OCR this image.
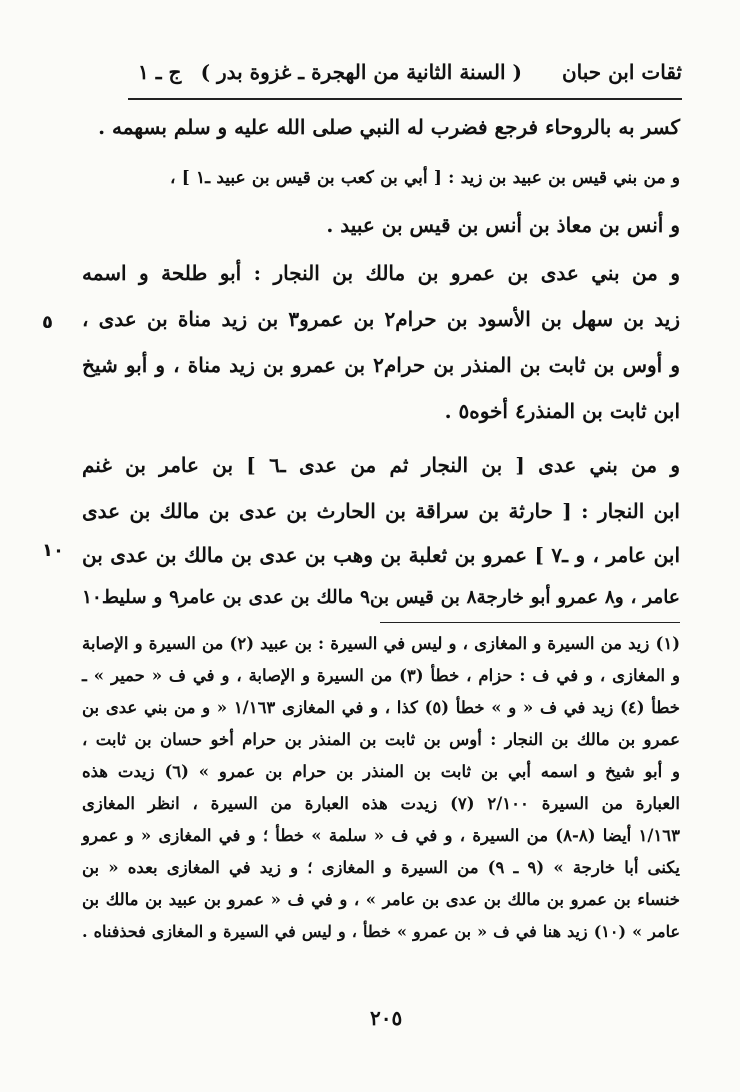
ثقات ابن حبان
( السنة الثانية من الهجرة ـ غزوة بدر )
ج ـ ١
كسر به بالروحاء فرجع فضرب له النبي صلى الله عليه و سلم بسهمه .
و من بني قيس بن عبيد بن زيد : [ أبي بن كعب بن قيس بن عبيد ـ١ ] ،
و أنس بن معاذ بن أنس بن قيس بن عبيد .
و من بني عدى بن عمرو بن مالك بن النجار : أبو طلحة و اسمه
زيد بن سهل بن الأسود بن حرام٢ بن عمرو٣ بن زيد مناة بن عدى ،
و أوس بن ثابت بن المنذر بن حرام٢ بن عمرو بن زيد مناة ، و أبو شيخ
ابن ثابت بن المنذر٤ أخوه٥ .
و من بني عدى [ بن النجار ثم من عدى ـ٦ ] بن عامر بن غنم
ابن النجار : [ حارثة بن سراقة بن الحارث بن عدى بن مالك بن عدى
ابن عامر ، و ـ٧ ] عمرو بن ثعلبة بن وهب بن عدى بن مالك بن عدى بن
عامر ، و٨ عمرو أبو خارجة٨ بن قيس بن٩ مالك بن عدى بن عامر٩ و سليط١٠
٥
١٠
(١) زيد من السيرة و المغازى ، و ليس في السيرة : بن عبيد (٢) من السيرة و الإصابة
و المغازى ، و في ف : حزام ، خطأ (٣) من السيرة و الإصابة ، و في ف « حمير » ـ
خطأ (٤) زيد في ف « و » خطأ (٥) كذا ، و في المغازى ١/١٦٣ « و من بني عدى بن
عمرو بن مالك بن النجار : أوس بن ثابت بن المنذر بن حرام أخو حسان بن ثابت ،
و أبو شيخ و اسمه أبي بن ثابت بن المنذر بن حرام بن عمرو » (٦) زيدت هذه
العبارة من السيرة ٢/١٠٠ (٧) زيدت هذه العبارة من السيرة ، انظر المغازى
١/١٦٣ أيضا (٨-٨) من السيرة ، و في ف « سلمة » خطأ ؛ و في المغازى « و عمرو
يكنى أبا خارجة » (٩ ـ ٩) من السيرة و المغازى ؛ و زيد في المغازى بعده « بن
خنساء بن عمرو بن مالك بن عدى بن عامر » ، و في ف « عمرو بن عبيد بن مالك بن
عامر » (١٠) زيد هنا في ف « بن عمرو » خطأ ، و ليس في السيرة و المغازى فحذفناه .
٢٠٥
